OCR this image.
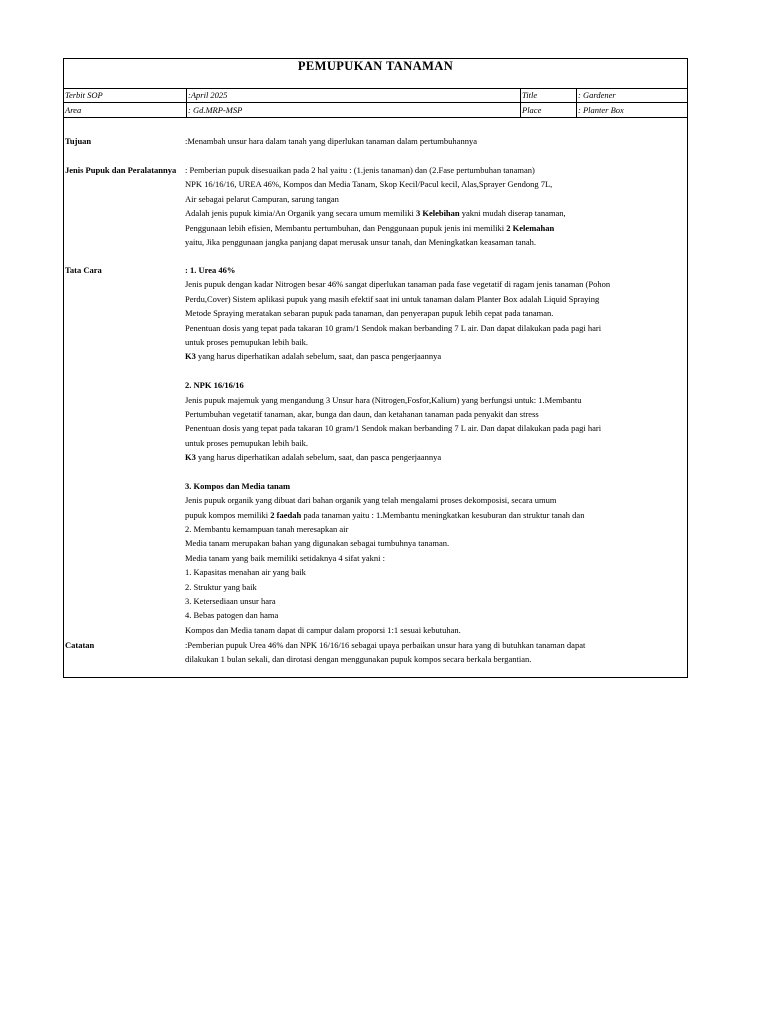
PEMUPUKAN TANAMAN
Terbit SOP	:April 2025	Title	: Gardener
Area	: Gd.MRP-MSP	Place	: Planter Box
Tujuan	:Menambah unsur hara dalam tanah yang diperlukan tanaman dalam pertumbuhannya
Jenis Pupuk dan Peralatannya : Pemberian pupuk disesuaikan pada 2 hal yaitu : (1.jenis tanaman) dan (2.Fase pertumbuhan tanaman)
NPK 16/16/16, UREA 46%, Kompos dan Media Tanam, Skop Kecil/Pacul kecil, Alas,Sprayer Gendong 7L,
Air sebagai pelarut Campuran, sarung tangan
Adalah jenis pupuk kimia/An Organik yang secara umum memiliki 3 Kelebihan yakni mudah diserap tanaman,
Penggunaan lebih efisien, Membantu pertumbuhan, dan Penggunaan pupuk jenis ini memiliki 2 Kelemahan
yaitu, Jika penggunaan jangka panjang dapat merusak unsur tanah, dan Meningkatkan keasaman tanah.
Tata Cara	: 1. Urea 46%
Jenis pupuk dengan kadar Nitrogen besar 46% sangat diperlukan tanaman pada fase vegetatif di ragam jenis tanaman (Pohon
Perdu,Cover) Sistem aplikasi pupuk yang masih efektif saat ini untuk tanaman dalam Planter Box adalah Liquid Spraying
Metode Spraying meratakan sebaran pupuk pada tanaman, dan penyerapan pupuk lebih cepat pada tanaman.
Penentuan dosis yang tepat pada takaran 10 gram/1 Sendok makan berbanding 7 L air. Dan dapat dilakukan pada pagi hari
untuk proses pemupukan lebih baik.
K3 yang harus diperhatikan adalah sebelum, saat, dan pasca pengerjaannya
2. NPK 16/16/16
Jenis pupuk majemuk yang mengandung 3 Unsur hara (Nitrogen,Fosfor,Kalium) yang berfungsi untuk: 1.Membantu
Pertumbuhan vegetatif tanaman, akar, bunga dan daun, dan ketahanan tanaman pada penyakit dan stress
Penentuan dosis yang tepat pada takaran 10 gram/1 Sendok makan berbanding 7 L air. Dan dapat dilakukan pada pagi hari
untuk proses pemupukan lebih baik.
K3 yang harus diperhatikan adalah sebelum, saat, dan pasca pengerjaannya
3. Kompos dan Media tanam
Jenis pupuk organik yang dibuat dari bahan organik yang telah mengalami proses dekomposisi, secara umum
pupuk kompos memiliki 2 faedah pada tanaman yaitu : 1.Membantu meningkatkan kesuburan dan struktur tanah dan
2. Membantu kemampuan tanah meresapkan air
Media tanam merupakan bahan yang digunakan sebagai tumbuhnya tanaman.
Media tanam yang baik memiliki setidaknya 4 sifat yakni :
1. Kapasitas menahan air yang baik
2. Struktur yang baik
3. Ketersediaan unsur hara
4. Bebas patogen dan hama
Kompos dan Media tanam dapat di campur dalam proporsi 1:1 sesuai kebutuhan.
Catatan	:Pemberian pupuk Urea 46% dan NPK 16/16/16 sebagai upaya perbaikan unsur hara yang di butuhkan tanaman dapat
dilakukan 1 bulan sekali, dan dirotasi dengan menggunakan pupuk kompos secara berkala bergantian.
